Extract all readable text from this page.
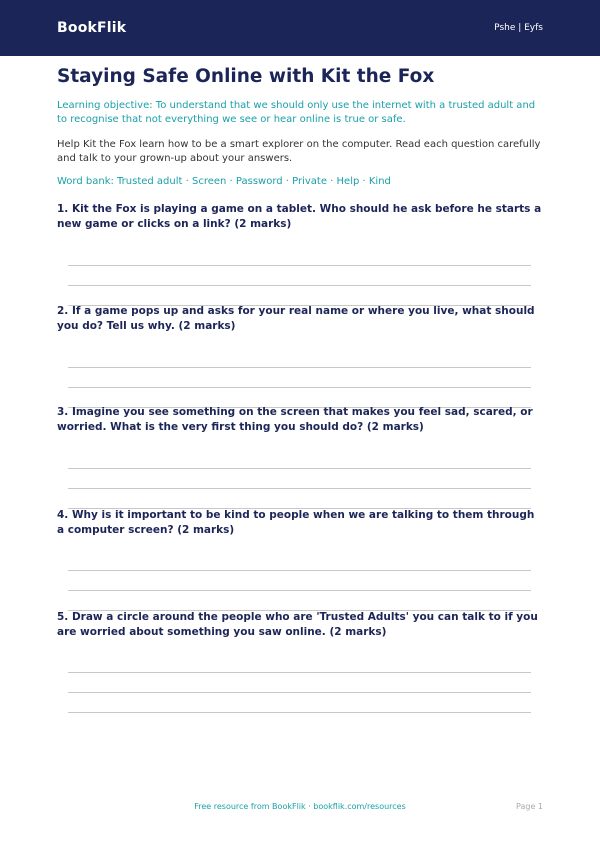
BookFlik	Pshe | Eyfs
Staying Safe Online with Kit the Fox

Learning objective: To understand that we should only use the internet with a trusted adult and to recognise that not everything we see or hear online is true or safe.

Help Kit the Fox learn how to be a smart explorer on the computer. Read each question carefully and talk to your grown-up about your answers.

Word bank: Trusted adult · Screen · Password · Private · Help · Kind

1. Kit the Fox is playing a game on a tablet. Who should he ask before he starts a new game or clicks on a link? (2 marks)

2. If a game pops up and asks for your real name or where you live, what should you do? Tell us why. (2 marks)

3. Imagine you see something on the screen that makes you feel sad, scared, or worried. What is the very first thing you should do? (2 marks)

4. Why is it important to be kind to people when we are talking to them through a computer screen? (2 marks)

5. Draw a circle around the people who are 'Trusted Adults' you can talk to if you are worried about something you saw online. (2 marks)

Free resource from BookFlik · bookflik.com/resources	Page 1
